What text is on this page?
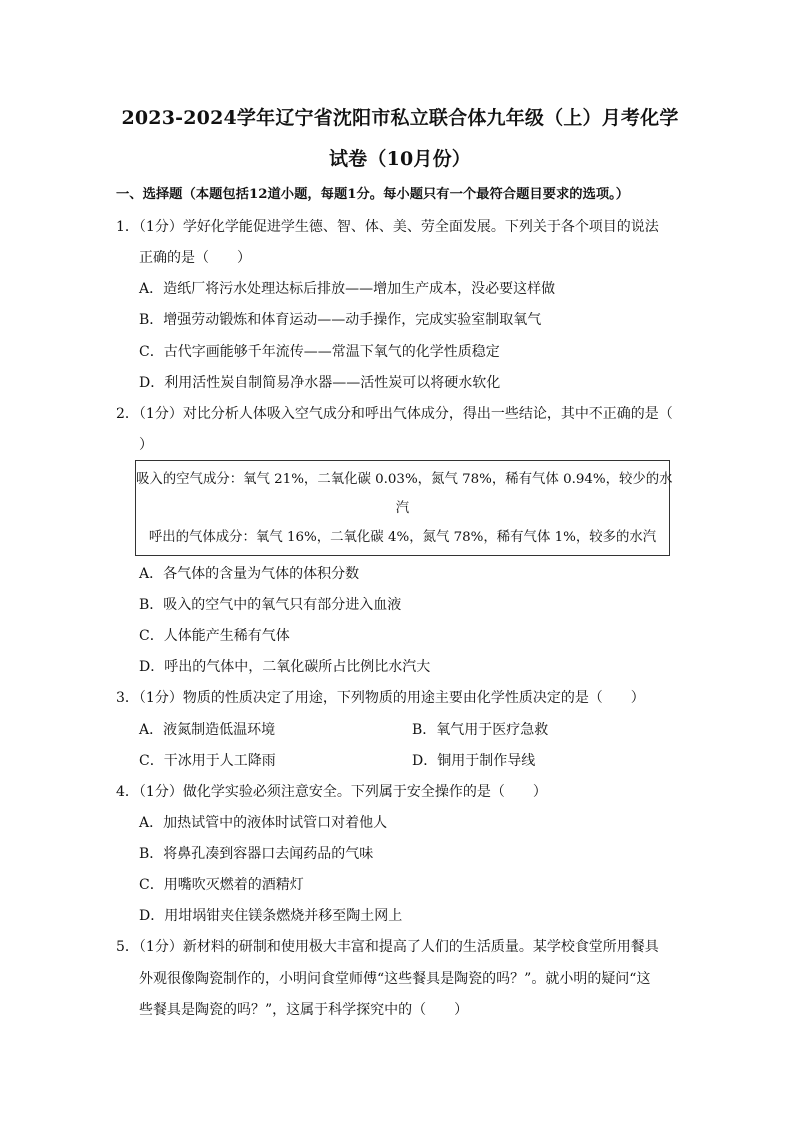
2023-2024学年辽宁省沈阳市私立联合体九年级（上）月考化学
试卷（10月份）
一、选择题（本题包括12道小题，每题1分。每小题只有一个最符合题目要求的选项。）
1．（1分）学好化学能促进学生德、智、体、美、劳全面发展。下列关于各个项目的说法
正确的是（　　）
A．造纸厂将污水处理达标后排放——增加生产成本，没必要这样做
B．增强劳动锻炼和体育运动——动手操作，完成实验室制取氧气
C．古代字画能够千年流传——常温下氧气的化学性质稳定
D．利用活性炭自制简易净水器——活性炭可以将硬水软化
2．（1分）对比分析人体吸入空气成分和呼出气体成分，得出一些结论，其中不正确的是（
）
吸入的空气成分：氧气 21%，二氧化碳 0.03%，氮气 78%，稀有气体 0.94%，较少的水
汽
呼出的气体成分：氧气 16%，二氧化碳 4%，氮气 78%，稀有气体 1%，较多的水汽
A．各气体的含量为气体的体积分数
B．吸入的空气中的氧气只有部分进入血液
C．人体能产生稀有气体
D．呼出的气体中，二氧化碳所占比例比水汽大
3．（1分）物质的性质决定了用途，下列物质的用途主要由化学性质决定的是（　　）
A．液氮制造低温环境	B．氧气用于医疗急救
C．干冰用于人工降雨	D．铜用于制作导线
4．（1分）做化学实验必须注意安全。下列属于安全操作的是（　　）
A．加热试管中的液体时试管口对着他人
B．将鼻孔凑到容器口去闻药品的气味
C．用嘴吹灭燃着的酒精灯
D．用坩埚钳夹住镁条燃烧并移至陶土网上
5．（1分）新材料的研制和使用极大丰富和提高了人们的生活质量。某学校食堂所用餐具
外观很像陶瓷制作的，小明问食堂师傅“这些餐具是陶瓷的吗？”。就小明的疑问“这
些餐具是陶瓷的吗？”，这属于科学探究中的（　　）
